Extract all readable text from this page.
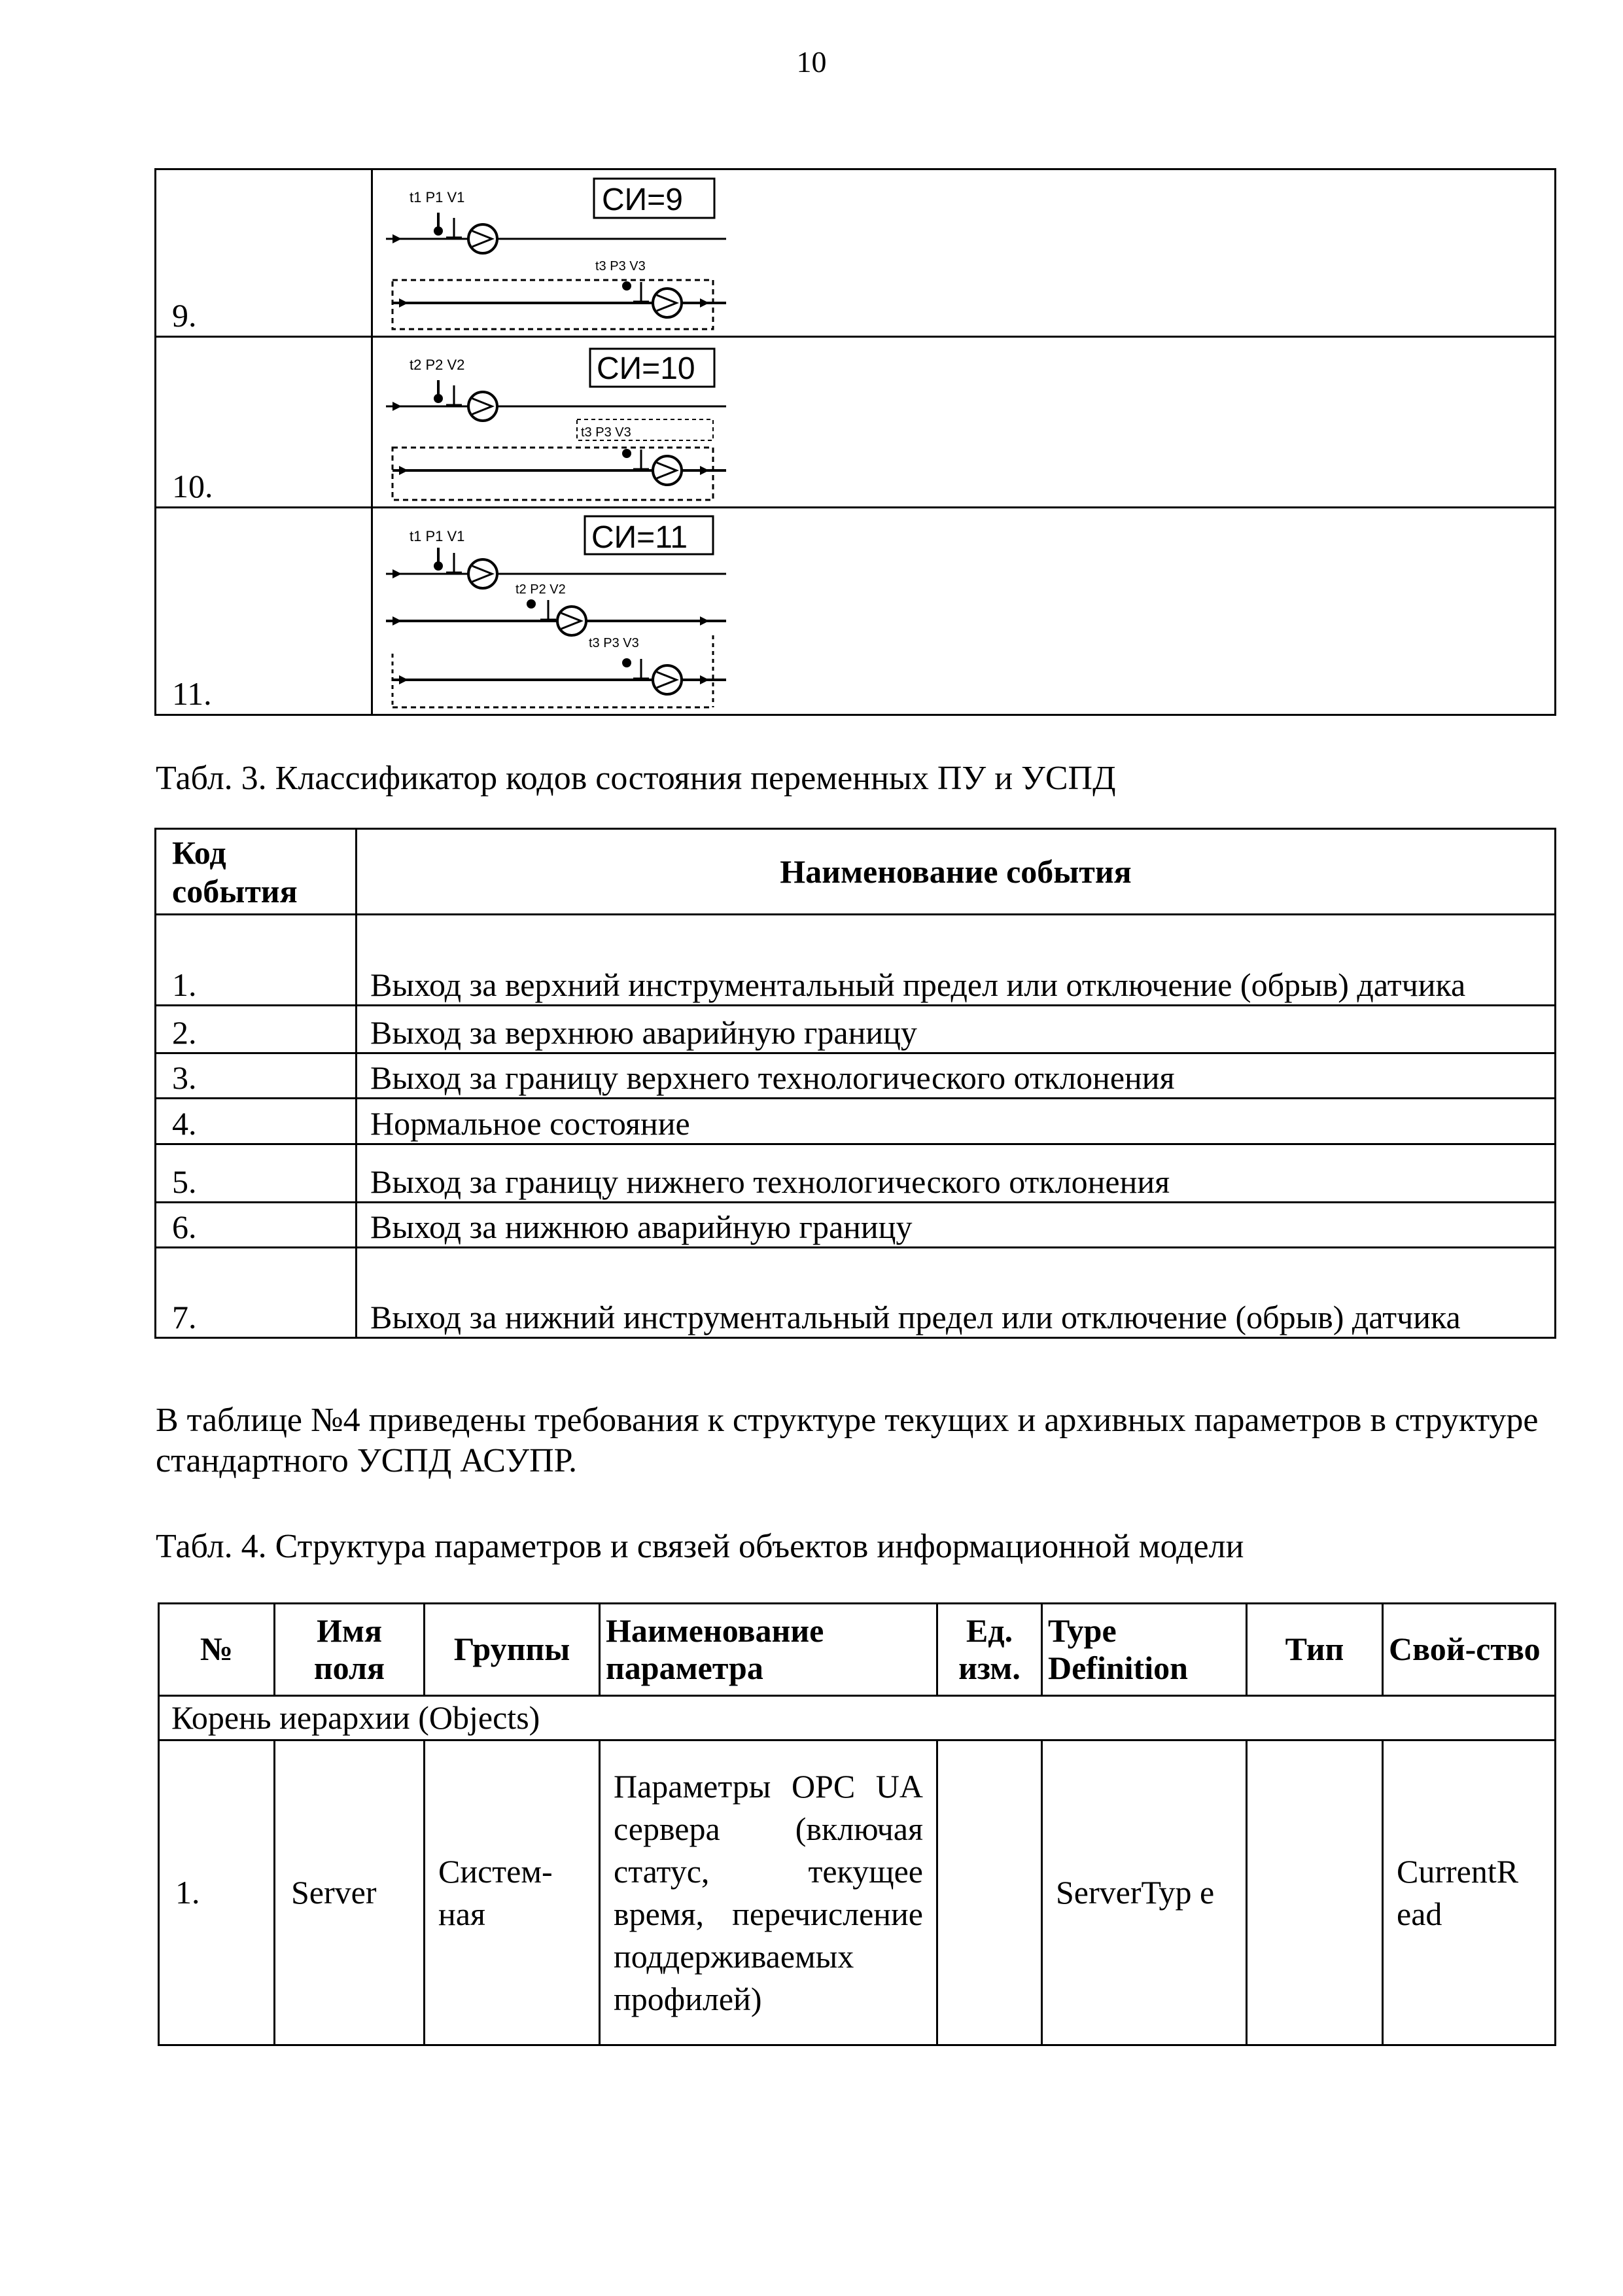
10
9.	t1 P1 V1 СИ=9
t3 P3 V3

10.	t2 P2 V2 СИ=10
t3 P3 V3

11.	t1 P1 V1 СИ=11
t2 P2 V2
t3 P3 V3
Табл. 3. Классификатор кодов состояния переменных ПУ и УСПД
Код события	Наименование события
1.	Выход за верхний инструментальный предел или отключение (обрыв) датчика
2.	Выход за верхнюю аварийную границу
3.	Выход за границу верхнего технологического отклонения
4.	Нормальное состояние
5.	Выход за границу нижнего технологического отклонения
6.	Выход за нижнюю аварийную границу
7.	Выход за нижний инструментальный предел или отключение (обрыв) датчика
В таблице №4 приведены требования к структуре текущих и архивных параметров в структуре стандартного УСПД АСУПР.
Табл. 4. Структура параметров и связей объектов информационной модели
№	Имя поля	Группы	Наименование параметра	Ед. изм.	Type Definition	Тип	Свой-ство
Корень иерархии (Objects)							
1.	Server	Систем-ная	Параметры OPC UA сервера (включая статус, текущее время, перечисление поддерживаемых профилей)		ServerTyp e		CurrentR ead
